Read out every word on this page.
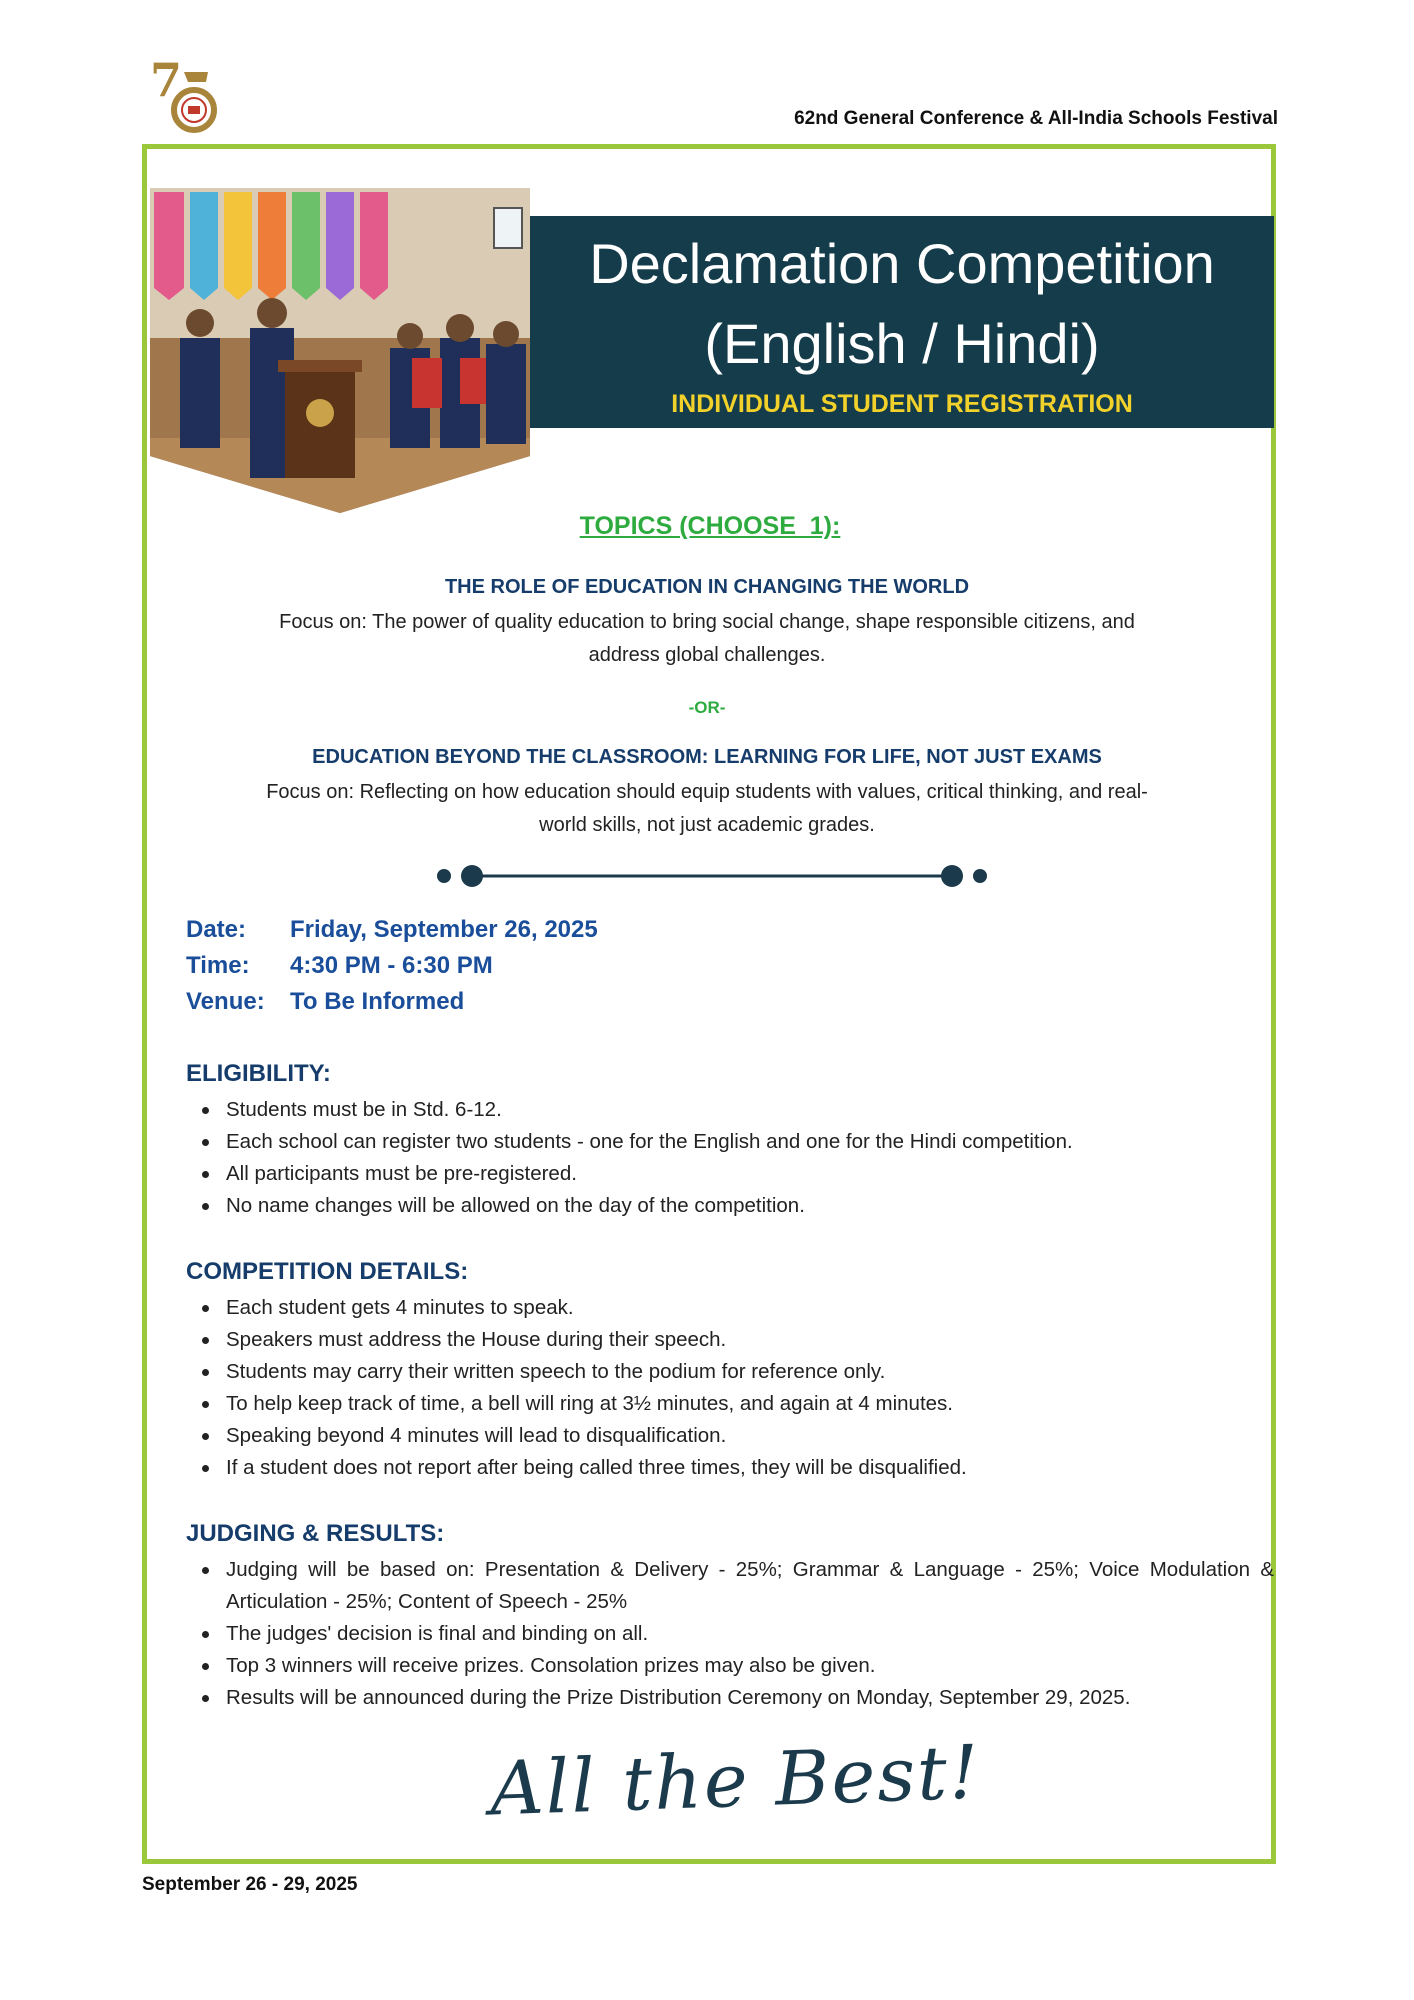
7
62nd General Conference & All-India Schools Festival
Declamation Competition
(English / Hindi)
INDIVIDUAL STUDENT REGISTRATION
TOPICS (CHOOSE  1):
THE ROLE OF EDUCATION IN CHANGING THE WORLD
Focus on: The power of quality education to bring social change, shape responsible citizens, and
address global challenges.
-OR-
EDUCATION BEYOND THE CLASSROOM: LEARNING FOR LIFE, NOT JUST EXAMS
Focus on: Reflecting on how education should equip students with values, critical thinking, and real-
world skills, not just academic grades.
Date: Friday, September 26, 2025
Time: 4:30 PM - 6:30 PM
Venue: To Be Informed
ELIGIBILITY:
Students must be in Std. 6-12.
Each school can register two students - one for the English and one for the Hindi competition.
All participants must be pre-registered.
No name changes will be allowed on the day of the competition.
COMPETITION DETAILS:
Each student gets 4 minutes to speak.
Speakers must address the House during their speech.
Students may carry their written speech to the podium for reference only.
To help keep track of time, a bell will ring at 3½ minutes, and again at 4 minutes.
Speaking beyond 4 minutes will lead to disqualification.
If a student does not report after being called three times, they will be disqualified.
JUDGING & RESULTS:
Judging will be based on: Presentation & Delivery - 25%; Grammar & Language - 25%; Voice Modulation & Articulation - 25%; Content of Speech - 25%
The judges' decision is final and binding on all.
Top 3 winners will receive prizes. Consolation prizes may also be given.
Results will be announced during the Prize Distribution Ceremony on Monday, September 29, 2025.
All the Best!
September 26 - 29, 2025
